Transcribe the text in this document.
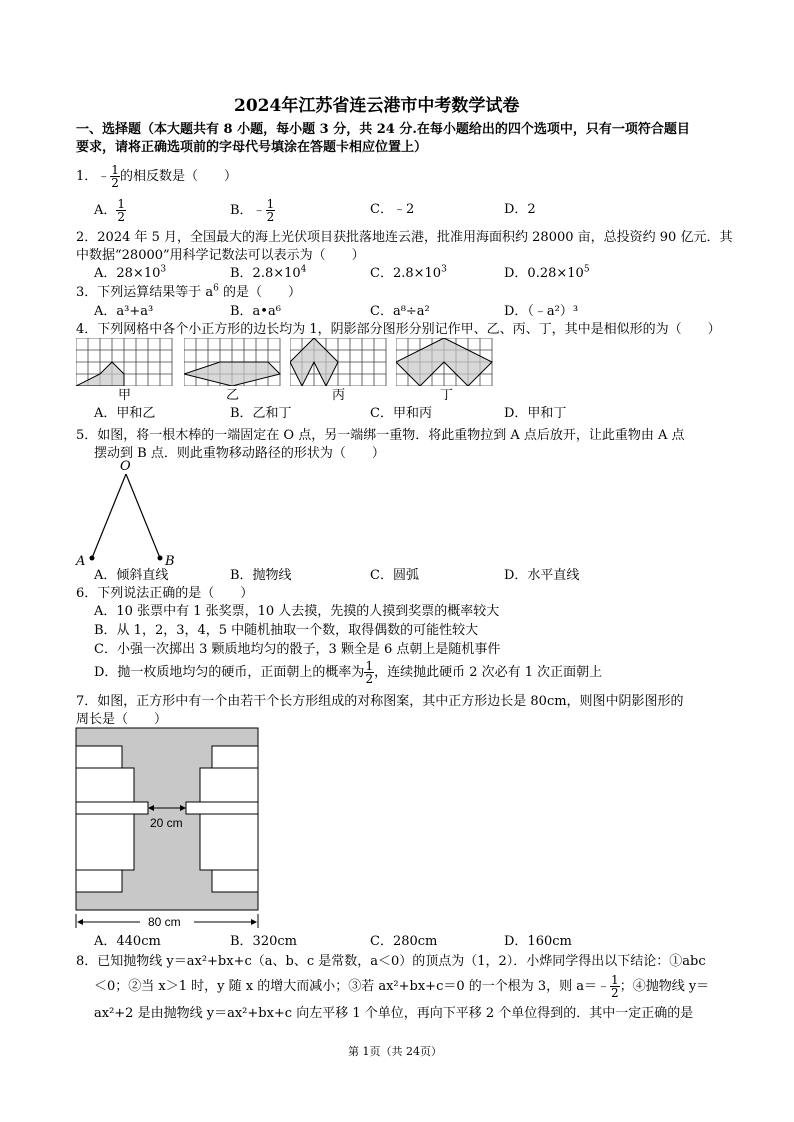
2024年江苏省连云港市中考数学试卷
一、选择题（本大题共有 8 小题，每小题 3 分，共 24 分.在每小题给出的四个选项中，只有一项符合题目
要求，请将正确选项前的字母代号填涂在答题卡相应位置上）
1．﹣ $\frac{1}{2}$ 的相反数是（　　）
A． $\frac{1}{2}$	B．﹣ $\frac{1}{2}$	C．﹣2	D．2
2．2024 年 5 月，全国最大的海上光伏项目获批落地连云港，批准用海面积约 28000 亩，总投资约 90 亿元．其
中数据“28000”用科学记数法可以表示为（　　）
A．$28\times 10^3$	B．$2.8\times 10^4$	C．$2.8\times 10^3$	D．$0.28\times 10^5$
3．下列运算结果等于 $a^6$ 的是（　　）
A．a³+a³	B．a•a⁶	C．a⁸÷a²	D．（﹣a²）³
4．下列网格中各个小正方形的边长均为 1，阴影部分图形分别记作甲、乙、丙、丁，其中是相似形的为（　　）
甲	乙	丙	丁
A．甲和乙	B．乙和丁	C．甲和丙	D．甲和丁
5．如图，将一根木棒的一端固定在 O 点，另一端绑一重物．将此重物拉到 A 点后放开，让此重物由 A 点
摆动到 B 点．则此重物移动路径的形状为（　　）
O
A	B
A．倾斜直线	B．抛物线	C．圆弧	D．水平直线
6．下列说法正确的是（　　）
A．10 张票中有 1 张奖票，10 人去摸，先摸的人摸到奖票的概率较大
B．从 1，2，3，4，5 中随机抽取一个数，取得偶数的可能性较大
C．小强一次掷出 3 颗质地均匀的骰子，3 颗全是 6 点朝上是随机事件
D．抛一枚质地均匀的硬币，正面朝上的概率为 $\frac{1}{2}$ ，连续抛此硬币 2 次必有 1 次正面朝上
7．如图，正方形中有一个由若干个长方形组成的对称图案，其中正方形边长是 80cm，则图中阴影图形的
周长是（　　）
20 cm
80 cm
A．440cm	B．320cm	C．280cm	D．160cm
8．已知抛物线 y＝ax²+bx+c（a、b、c 是常数，a＜0）的顶点为（1，2）．小烨同学得出以下结论：①abc
＜0；②当 x＞1 时，y 随 x 的增大而减小；③若 ax²+bx+c＝0 的一个根为 3，则 a＝﹣ $\frac{1}{2}$ ；④抛物线 y＝
ax²+2 是由抛物线 y＝ax²+bx+c 向左平移 1 个单位，再向下平移 2 个单位得到的．其中一定正确的是
第 1页（共 24页）
